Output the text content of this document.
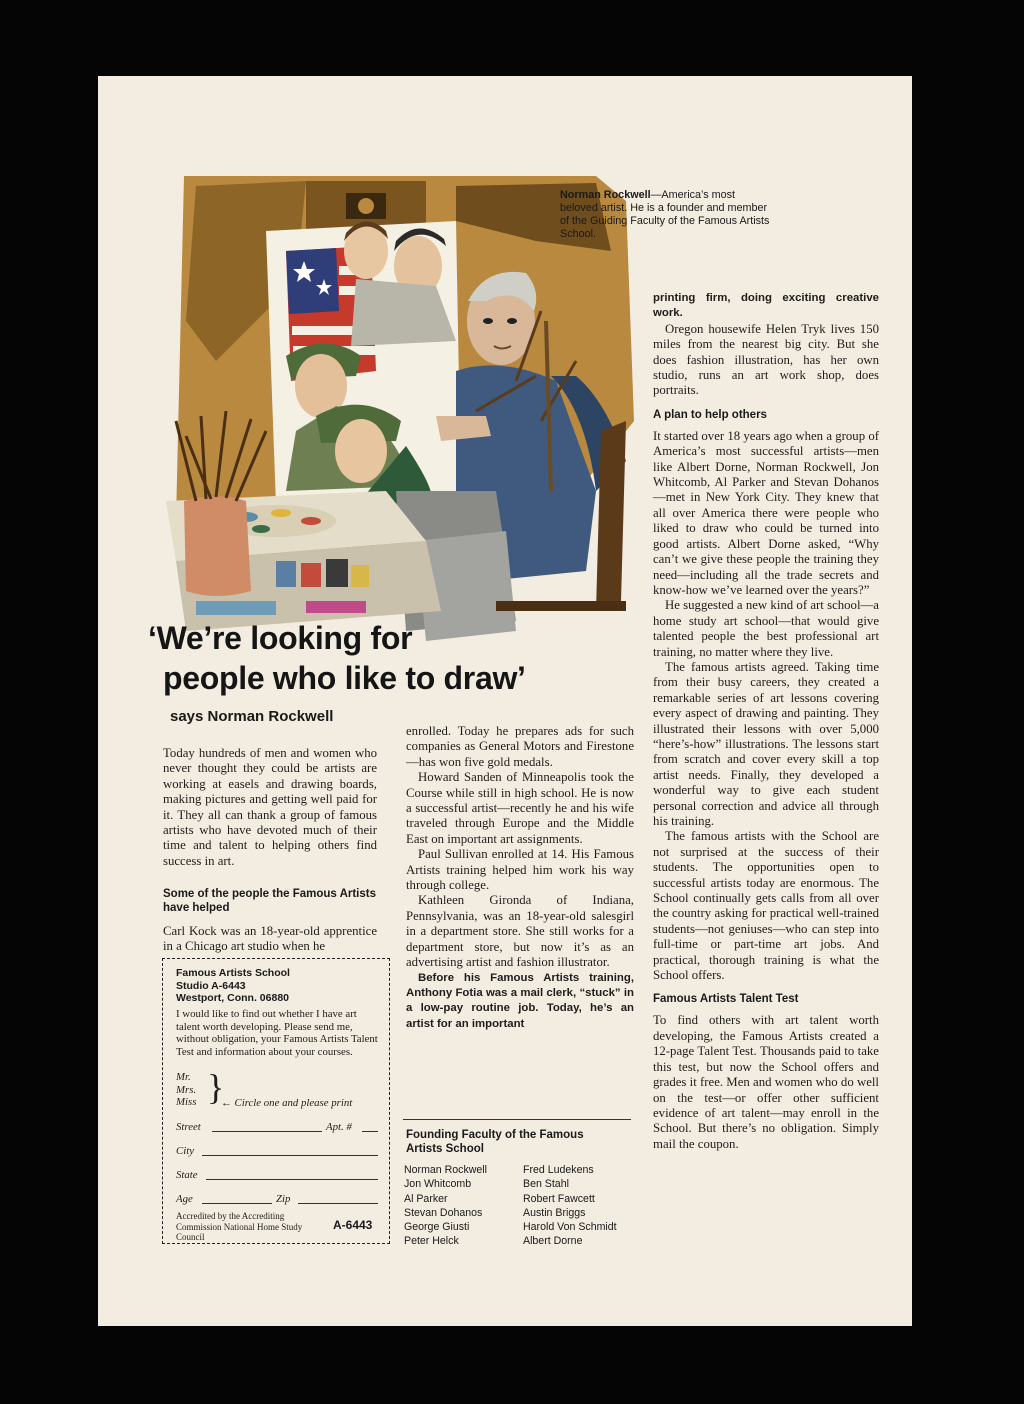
Norman Rockwell—America’s most beloved artist. He is a founder and member of the Guiding Faculty of the Famous Artists School.
‘We’re looking for
people who like to draw’
says Norman Rockwell

Today hundreds of men and women who never thought they could be artists are working at easels and drawing boards, making pictures and getting well paid for it. They all can thank a group of famous artists who have devoted much of their time and talent to helping others find success in art.

Some of the people the Famous Artists have helped
Carl Kock was an 18-year-old apprentice in a Chicago art studio when he
Famous Artists School
Studio A-6443
Westport, Conn. 06880
I would like to find out whether I have art talent worth developing. Please send me, without obligation, your Famous Artists Talent Test and information about your courses.
Mr.
Mrs.
Miss }
← Circle one and please print
Street	Apt. #
City
State
Age	Zip
Accredited by the Accrediting Commission National Home Study Council
A-6443

enrolled. Today he prepares ads for such companies as General Motors and Firestone—has won five gold medals.

Howard Sanden of Minneapolis took the Course while still in high school. He is now a successful artist—recently he and his wife traveled through Europe and the Middle East on important art assignments.

Paul Sullivan enrolled at 14. His Famous Artists training helped him work his way through college.

Kathleen Gironda of Indiana, Pennsylvania, was an 18-year-old salesgirl in a department store. She still works for a department store, but now it’s as an advertising artist and fashion illustrator.

Before his Famous Artists training, Anthony Fotia was a mail clerk, “stuck” in a low-pay routine job. Today, he’s an artist for an important

Founding Faculty of the Famous Artists School
Norman Rockwell
Jon Whitcomb
Al Parker
Stevan Dohanos
George Giusti
Peter Helck
Fred Ludekens
Ben Stahl
Robert Fawcett
Austin Briggs
Harold Von Schmidt
Albert Dorne

printing firm, doing exciting creative work.

Oregon housewife Helen Tryk lives 150 miles from the nearest big city. But she does fashion illustration, has her own studio, runs an art work shop, does portraits.

A plan to help others

It started over 18 years ago when a group of America’s most successful artists—men like Albert Dorne, Norman Rockwell, Jon Whitcomb, Al Parker and Stevan Dohanos—met in New York City. They knew that all over America there were people who liked to draw who could be turned into good artists. Albert Dorne asked, “Why can’t we give these people the training they need—including all the trade secrets and know-how we’ve learned over the years?”

He suggested a new kind of art school—a home study art school—that would give talented people the best professional art training, no matter where they live.

The famous artists agreed. Taking time from their busy careers, they created a remarkable series of art lessons covering every aspect of drawing and painting. They illustrated their lessons with over 5,000 “here’s-how” illustrations. The lessons start from scratch and cover every skill a top artist needs. Finally, they developed a wonderful way to give each student personal correction and advice all through his training.

The famous artists with the School are not surprised at the success of their students. The opportunities open to successful artists today are enormous. The School continually gets calls from all over the country asking for practical well-trained students—not geniuses—who can step into full-time or part-time art jobs. And practical, thorough training is what the School offers.

Famous Artists Talent Test

To find others with art talent worth developing, the Famous Artists created a 12-page Talent Test. Thousands paid to take this test, but now the School offers and grades it free. Men and women who do well on the test—or offer other sufficient evidence of art talent—may enroll in the School. But there’s no obligation. Simply mail the coupon.
